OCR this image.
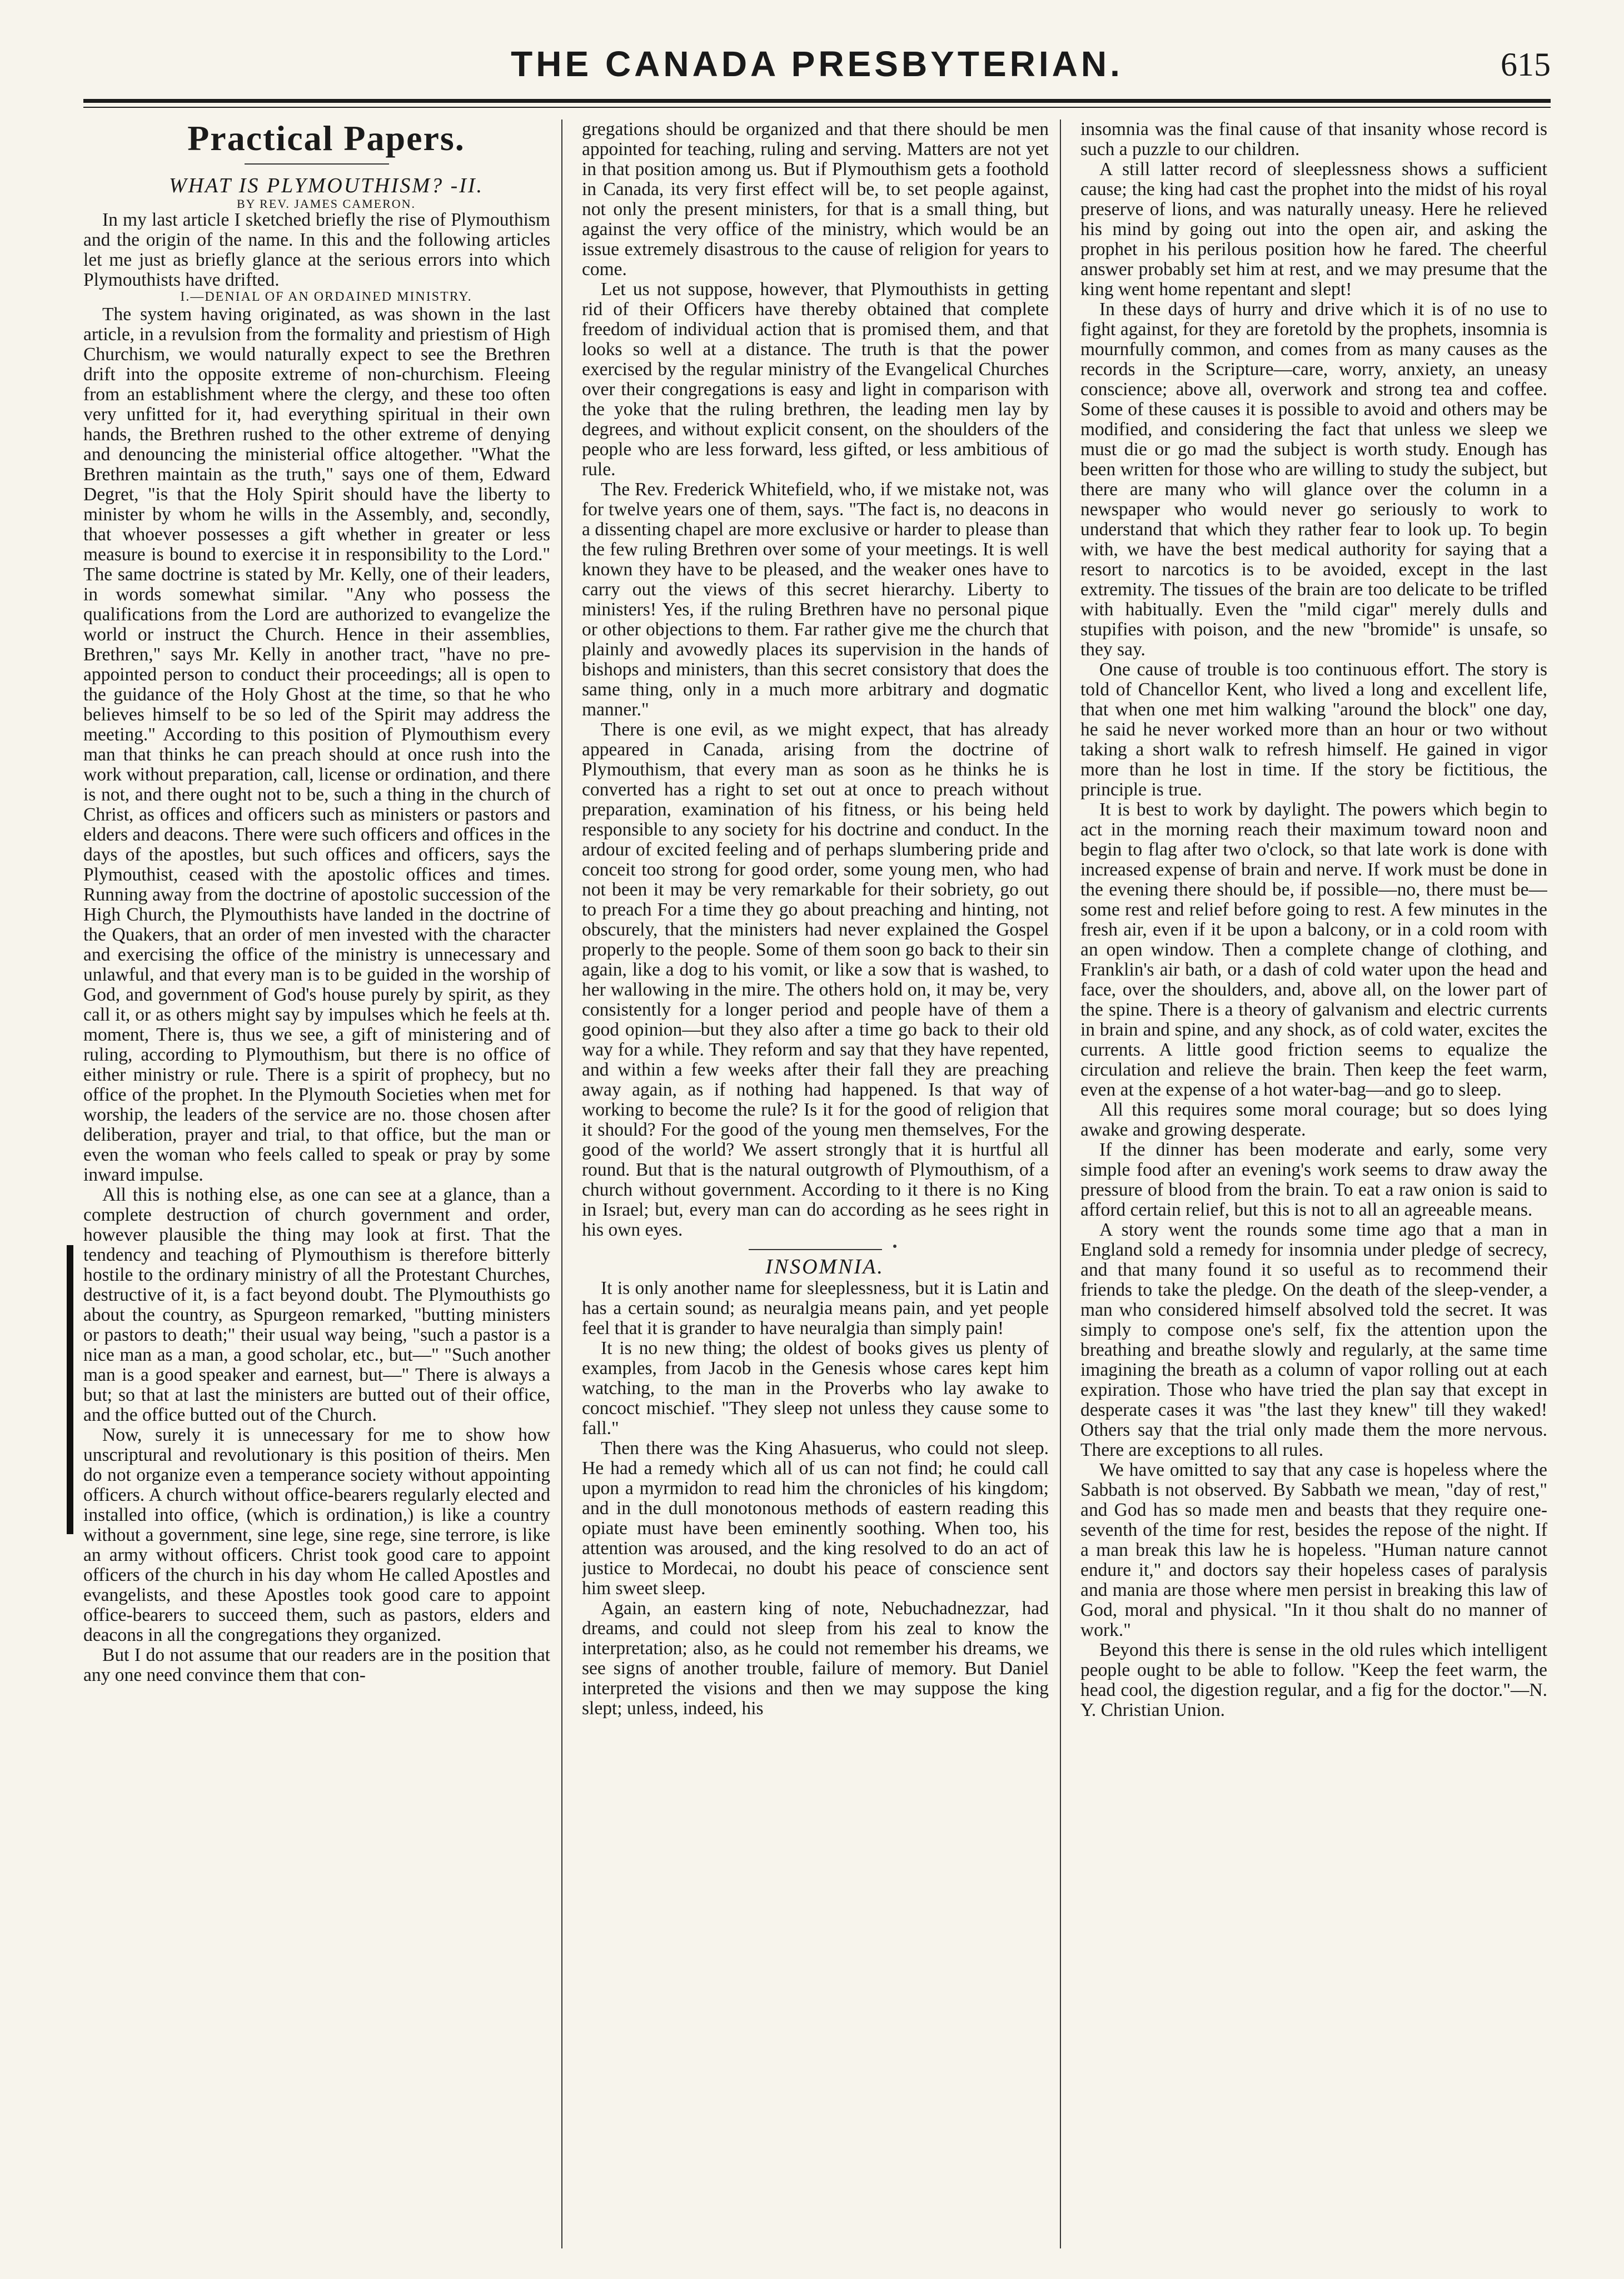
THE CANADA PRESBYTERIAN.	615

Practical Papers.

WHAT IS PLYMOUTHISM? -II.

BY REV. JAMES CAMERON.

In my last article I sketched briefly the rise of Plymouthism and the origin of the name. In this and the following articles let me just as briefly glance at the serious errors into which Plymouthists have drifted.

I.—DENIAL OF AN ORDAINED MINISTRY.

The system having originated, as was shown in the last article, in a revulsion from the formality and priestism of High Churchism, we would naturally expect to see the Brethren drift into the opposite extreme of non-churchism. Fleeing from an establishment where the clergy, and these too often very unfitted for it, had everything spiritual in their own hands, the Brethren rushed to the other extreme of denying and denouncing the ministerial office altogether. "What the Brethren maintain as the truth," says one of them, Edward Degret, "is that the Holy Spirit should have the liberty to minister by whom he wills in the Assembly, and, secondly, that whoever possesses a gift whether in greater or less measure is bound to exercise it in responsibility to the Lord." The same doctrine is stated by Mr. Kelly, one of their leaders, in words somewhat similar. "Any who possess the qualifications from the Lord are authorized to evangelize the world or instruct the Church. Hence in their assemblies, Brethren," says Mr. Kelly in another tract, "have no pre-appointed person to conduct their proceedings; all is open to the guidance of the Holy Ghost at the time, so that he who believes himself to be so led of the Spirit may address the meeting." According to this position of Plymouthism every man that thinks he can preach should at once rush into the work without preparation, call, license or ordination, and there is not, and there ought not to be, such a thing in the church of Christ, as offices and officers such as ministers or pastors and elders and deacons. There were such officers and offices in the days of the apostles, but such offices and officers, says the Plymouthist, ceased with the apostolic offices and times. Running away from the doctrine of apostolic succession of the High Church, the Plymouthists have landed in the doctrine of the Quakers, that an order of men invested with the character and exercising the office of the ministry is unnecessary and unlawful, and that every man is to be guided in the worship of God, and government of God's house purely by spirit, as they call it, or as others might say by impulses which he feels at th. moment, There is, thus we see, a gift of ministering and of ruling, according to Plymouthism, but there is no office of either ministry or rule. There is a spirit of prophecy, but no office of the prophet. In the Plymouth Societies when met for worship, the leaders of the service are no. those chosen after deliberation, prayer and trial, to that office, but the man or even the woman who feels called to speak or pray by some inward impulse.

All this is nothing else, as one can see at a glance, than a complete destruction of church government and order, however plausible the thing may look at first. That the tendency and teaching of Plymouthism is therefore bitterly hostile to the ordinary ministry of all the Protestant Churches, destructive of it, is a fact beyond doubt. The Plymouthists go about the country, as Spurgeon remarked, "butting ministers or pastors to death;" their usual way being, "such a pastor is a nice man as a man, a good scholar, etc., but—" "Such another man is a good speaker and earnest, but—" There is always a but; so that at last the ministers are butted out of their office, and the office butted out of the Church.

Now, surely it is unnecessary for me to show how unscriptural and revolutionary is this position of theirs. Men do not organize even a temperance society without appointing officers. A church without office-bearers regularly elected and installed into office, (which is ordination,) is like a country without a government, sine lege, sine rege, sine terrore, is like an army without officers. Christ took good care to appoint officers of the church in his day whom He called Apostles and evangelists, and these Apostles took good care to appoint office-bearers to succeed them, such as pastors, elders and deacons in all the congregations they organized.

But I do not assume that our readers are in the position that any one need convince them that con-

gregations should be organized and that there should be men appointed for teaching, ruling and serving. Matters are not yet in that position among us. But if Plymouthism gets a foothold in Canada, its very first effect will be, to set people against, not only the present ministers, for that is a small thing, but against the very office of the ministry, which would be an issue extremely disastrous to the cause of religion for years to come.

Let us not suppose, however, that Plymouthists in getting rid of their Officers have thereby obtained that complete freedom of individual action that is promised them, and that looks so well at a distance. The truth is that the power exercised by the regular ministry of the Evangelical Churches over their congregations is easy and light in comparison with the yoke that the ruling brethren, the leading men lay by degrees, and without explicit consent, on the shoulders of the people who are less forward, less gifted, or less ambitious of rule.

The Rev. Frederick Whitefield, who, if we mistake not, was for twelve years one of them, says. "The fact is, no deacons in a dissenting chapel are more exclusive or harder to please than the few ruling Brethren over some of your meetings. It is well known they have to be pleased, and the weaker ones have to carry out the views of this secret hierarchy. Liberty to ministers! Yes, if the ruling Brethren have no personal pique or other objections to them. Far rather give me the church that plainly and avowedly places its supervision in the hands of bishops and ministers, than this secret consistory that does the same thing, only in a much more arbitrary and dogmatic manner."

There is one evil, as we might expect, that has already appeared in Canada, arising from the doctrine of Plymouthism, that every man as soon as he thinks he is converted has a right to set out at once to preach without preparation, examination of his fitness, or his being held responsible to any society for his doctrine and conduct. In the ardour of excited feeling and of perhaps slumbering pride and conceit too strong for good order, some young men, who had not been it may be very remarkable for their sobriety, go out to preach For a time they go about preaching and hinting, not obscurely, that the ministers had never explained the Gospel properly to the people. Some of them soon go back to their sin again, like a dog to his vomit, or like a sow that is washed, to her wallowing in the mire. The others hold on, it may be, very consistently for a longer period and people have of them a good opinion—but they also after a time go back to their old way for a while. They reform and say that they have repented, and within a few weeks after their fall they are preaching away again, as if nothing had happened. Is that way of working to become the rule? Is it for the good of religion that it should? For the good of the young men themselves, For the good of the world? We assert strongly that it is hurtful all round. But that is the natural outgrowth of Plymouthism, of a church without government. According to it there is no King in Israel; but, every man can do according as he sees right in his own eyes.

INSOMNIA.

It is only another name for sleeplessness, but it is Latin and has a certain sound; as neuralgia means pain, and yet people feel that it is grander to have neuralgia than simply pain!

It is no new thing; the oldest of books gives us plenty of examples, from Jacob in the Genesis whose cares kept him watching, to the man in the Proverbs who lay awake to concoct mischief. "They sleep not unless they cause some to fall."

Then there was the King Ahasuerus, who could not sleep. He had a remedy which all of us can not find; he could call upon a myrmidon to read him the chronicles of his kingdom; and in the dull monotonous methods of eastern reading this opiate must have been eminently soothing. When too, his attention was aroused, and the king resolved to do an act of justice to Mordecai, no doubt his peace of conscience sent him sweet sleep.

Again, an eastern king of note, Nebuchadnezzar, had dreams, and could not sleep from his zeal to know the interpretation; also, as he could not remember his dreams, we see signs of another trouble, failure of memory. But Daniel interpreted the visions and then we may suppose the king slept; unless, indeed, his

insomnia was the final cause of that insanity whose record is such a puzzle to our children.

A still latter record of sleeplessness shows a sufficient cause; the king had cast the prophet into the midst of his royal preserve of lions, and was naturally uneasy. Here he relieved his mind by going out into the open air, and asking the prophet in his perilous position how he fared. The cheerful answer probably set him at rest, and we may presume that the king went home repentant and slept!

In these days of hurry and drive which it is of no use to fight against, for they are foretold by the prophets, insomnia is mournfully common, and comes from as many causes as the records in the Scripture—care, worry, anxiety, an uneasy conscience; above all, overwork and strong tea and coffee. Some of these causes it is possible to avoid and others may be modified, and considering the fact that unless we sleep we must die or go mad the subject is worth study. Enough has been written for those who are willing to study the subject, but there are many who will glance over the column in a newspaper who would never go seriously to work to understand that which they rather fear to look up. To begin with, we have the best medical authority for saying that a resort to narcotics is to be avoided, except in the last extremity. The tissues of the brain are too delicate to be trifled with habitually. Even the "mild cigar" merely dulls and stupifies with poison, and the new "bromide" is unsafe, so they say.

One cause of trouble is too continuous effort. The story is told of Chancellor Kent, who lived a long and excellent life, that when one met him walking "around the block" one day, he said he never worked more than an hour or two without taking a short walk to refresh himself. He gained in vigor more than he lost in time. If the story be fictitious, the principle is true.

It is best to work by daylight. The powers which begin to act in the morning reach their maximum toward noon and begin to flag after two o'clock, so that late work is done with increased expense of brain and nerve. If work must be done in the evening there should be, if possible—no, there must be—some rest and relief before going to rest. A few minutes in the fresh air, even if it be upon a balcony, or in a cold room with an open window. Then a complete change of clothing, and Franklin's air bath, or a dash of cold water upon the head and face, over the shoulders, and, above all, on the lower part of the spine. There is a theory of galvanism and electric currents in brain and spine, and any shock, as of cold water, excites the currents. A little good friction seems to equalize the circulation and relieve the brain. Then keep the feet warm, even at the expense of a hot water-bag—and go to sleep.

All this requires some moral courage; but so does lying awake and growing desperate.

If the dinner has been moderate and early, some very simple food after an evening's work seems to draw away the pressure of blood from the brain. To eat a raw onion is said to afford certain relief, but this is not to all an agreeable means.

A story went the rounds some time ago that a man in England sold a remedy for insomnia under pledge of secrecy, and that many found it so useful as to recommend their friends to take the pledge. On the death of the sleep-vender, a man who considered himself absolved told the secret. It was simply to compose one's self, fix the attention upon the breathing and breathe slowly and regularly, at the same time imagining the breath as a column of vapor rolling out at each expiration. Those who have tried the plan say that except in desperate cases it was "the last they knew" till they waked! Others say that the trial only made them the more nervous. There are exceptions to all rules.

We have omitted to say that any case is hopeless where the Sabbath is not observed. By Sabbath we mean, "day of rest," and God has so made men and beasts that they require one-seventh of the time for rest, besides the repose of the night. If a man break this law he is hopeless. "Human nature cannot endure it," and doctors say their hopeless cases of paralysis and mania are those where men persist in breaking this law of God, moral and physical. "In it thou shalt do no manner of work."

Beyond this there is sense in the old rules which intelligent people ought to be able to follow. "Keep the feet warm, the head cool, the digestion regular, and a fig for the doctor."—N. Y. Christian Union.
